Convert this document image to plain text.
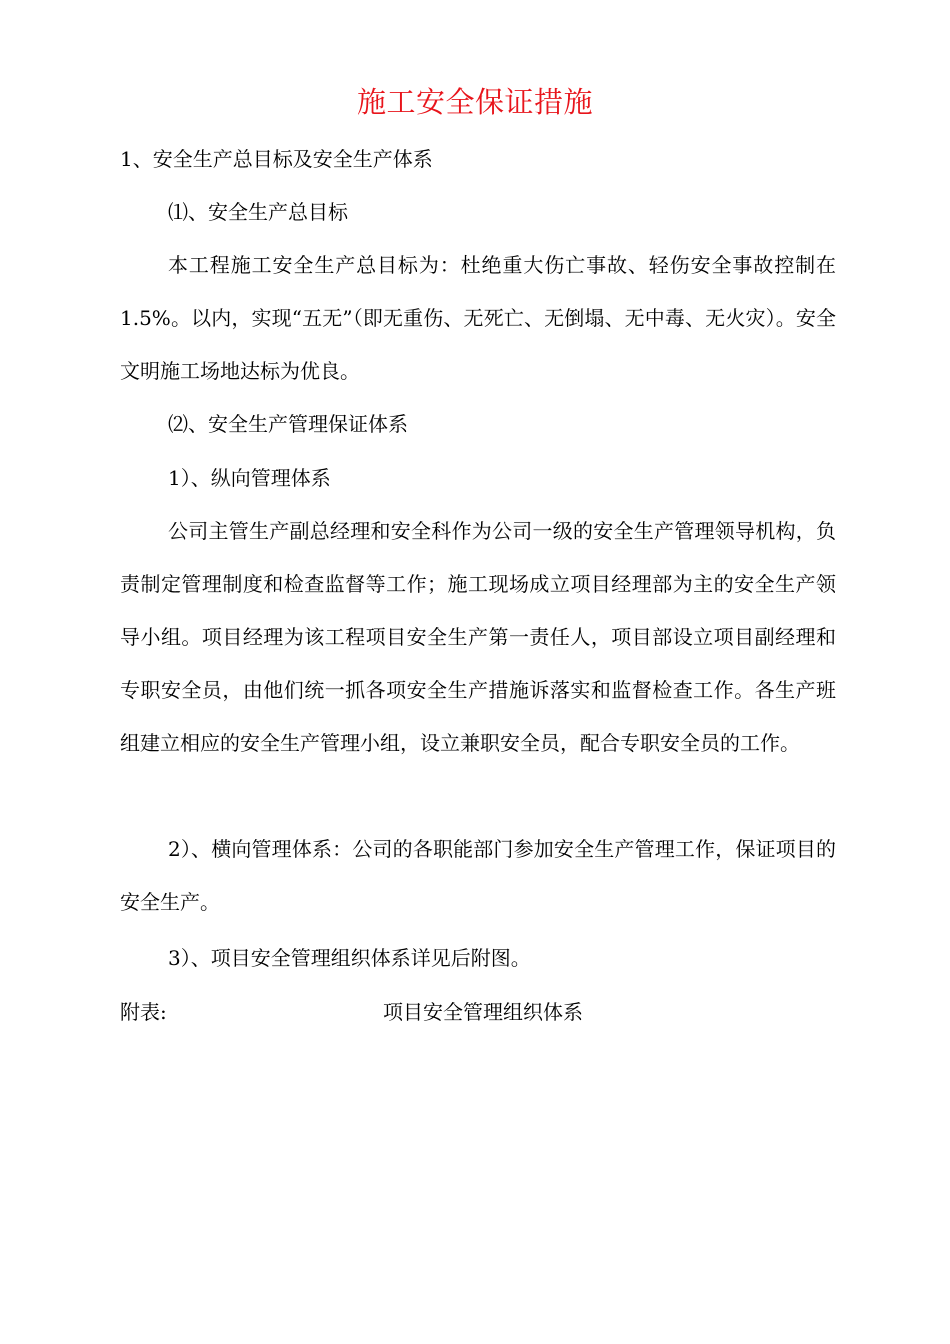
施工安全保证措施

1、安全生产总目标及安全生产体系

⑴、安全生产总目标

本工程施工安全生产总目标为：杜绝重大伤亡事故、轻伤安全事故控制在1.5%。以内，实现“五无”（即无重伤、无死亡、无倒塌、无中毒、无火灾）。安全文明施工场地达标为优良。

⑵、安全生产管理保证体系

1）、纵向管理体系

公司主管生产副总经理和安全科作为公司一级的安全生产管理领导机构，负责制定管理制度和检查监督等工作；施工现场成立项目经理部为主的安全生产领导小组。项目经理为该工程项目安全生产第一责任人，项目部设立项目副经理和专职安全员，由他们统一抓各项安全生产措施诉落实和监督检查工作。各生产班组建立相应的安全生产管理小组，设立兼职安全员，配合专职安全员的工作。

2）、横向管理体系：公司的各职能部门参加安全生产管理工作，保证项目的安全生产。

3）、项目安全管理组织体系详见后附图。

附表:	项目安全管理组织体系
